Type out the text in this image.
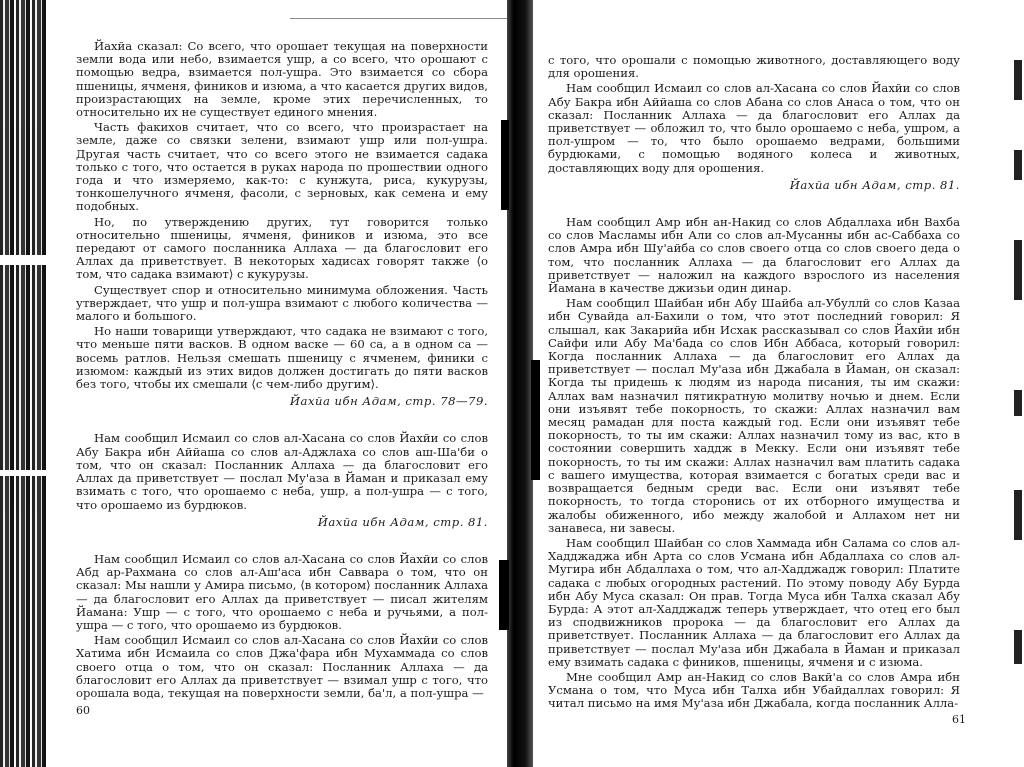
Йахйа сказал: Со всего, что орошает текущая на поверхности земли вода или небо, взимается ушр, а со всего, что орошают с помощью ведра, взимается пол-ушра. Это взимается со сбора пшеницы, ячменя, фиников и изюма, а что касается других видов, произрастающих на земле, кроме этих перечисленных, то относительно их не существует единого мнения.

Часть факихов считает, что со всего, что произрастает на земле, даже со связки зелени, взимают ушр или пол-ушра. Другая часть считает, что со всего этого не взимается садака только с того, что остается в руках народа по прошествии одного года и что измеряемо, как-то: с кунжута, риса, кукурузы, тонкошелучного ячменя, фасоли, с зерновых, как семена и ему подобных.

Но, по утверждению других, тут говорится только относительно пшеницы, ячменя, фиников и изюма, это все передают от самого посланника Аллаха — да благословит его Аллах да приветствует. В некоторых хадисах говорят также ⟨о том, что садака взимают⟩ с кукурузы.

Существует спор и относительно минимума обложения. Часть утверждает, что ушр и пол-ушра взимают с любого количества — малого и большого.

Но наши товарищи утверждают, что садака не взимают с того, что меньше пяти васков. В одном васке — 60 са, а в одном са — восемь ратлов. Нельзя смешать пшеницу с ячменем, финики с изюмом: каждый из этих видов должен достигать до пяти васков без того, чтобы их смешали ⟨с чем-либо другим⟩.

Йахйа ибн Адам, стр. 78—79.

Нам сообщил Исмаил со слов ал-Хасана со слов Йахйи со слов Абу Бакра ибн Аййаша со слов ал-Аджлаха со слов аш-Ша'би о том, что он сказал: Посланник Аллаха — да благословит его Аллах да приветствует — послал Му'аза в Йаман и приказал ему взимать с того, что орошаемо с неба, ушр, а пол-ушра — с того, что орошаемо из бурдюков.

Йахйа ибн Адам, стр. 81.

Нам сообщил Исмаил со слов ал-Хасана со слов Йахйи со слов Абд ар-Рахмана со слов ал-Аш'аса ибн Саввара о том, что он сказал: Мы нашли у Амира письмо, ⟨в котором⟩ посланник Аллаха — да благословит его Аллах да приветствует — писал жителям Йамана: Ушр — с того, что орошаемо с неба и ручьями, а пол-ушра — с того, что орошаемо из бурдюков.

Нам сообщил Исмаил со слов ал-Хасана со слов Йахйи со слов Хатима ибн Исмаила со слов Джа'фара ибн Мухаммада со слов своего отца о том, что он сказал: Посланник Аллаха — да благословит его Аллах да приветствует — взимал ушр с того, что орошала вода, текущая на поверхности земли, ба'л, а пол-ушра —

60

с того, что орошали с помощью животного, доставляющего воду для орошения.

Нам сообщил Исмаил со слов ал-Хасана со слов Йахйи со слов Абу Бакра ибн Аййаша со слов Абана со слов Анаса о том, что он сказал: Посланник Аллаха — да благословит его Аллах да приветствует — обложил то, что было орошаемо с неба, ушром, а пол-ушром — то, что было орошаемо ведрами, большими бурдюками, с помощью водяного колеса и животных, доставляющих воду для орошения.

Йахйа ибн Адам, стр. 81.

Нам сообщил Амр ибн ан-Накид со слов Абдаллаха ибн Вахба со слов Масламы ибн Али со слов ал-Мусанны ибн ас-Саббаха со слов Амра ибн Шу'айба со слов своего отца со слов своего деда о том, что посланник Аллаха — да благословит его Аллах да приветствует — наложил на каждого взрослого из населения Йамана в качестве джизьи один динар.

Нам сообщил Шайбан ибн Абу Шайба ал-Убуллй со слов Казаа ибн Сувайда ал-Бахили о том, что этот последний говорил: Я слышал, как Закарийа ибн Исхак рассказывал со слов Йахйи ибн Сайфи или Абу Ма'бада со слов Ибн Аббаса, который говорил: Когда посланник Аллаха — да благословит его Аллах да приветствует — послал Му'аза ибн Джабала в Йаман, он сказал: Когда ты придешь к людям из народа писания, ты им скажи: Аллах вам назначил пятикратную молитву ночью и днем. Если они изъявят тебе покорность, то скажи: Аллах назначил вам месяц рамадан для поста каждый год. Если они изъявят тебе покорность, то ты им скажи: Аллах назначил тому из вас, кто в состоянии совершить хаддж в Мекку. Если они изъявят тебе покорность, то ты им скажи: Аллах назначил вам платить садака с вашего имущества, которая взимается с богатых среди вас и возвращается бедным среди вас. Если они изъявят тебе покорность, то тогда сторонись от их отборного имущества и жалобы обиженного, ибо между жалобой и Аллахом нет ни занавеса, ни завесы.

Нам сообщил Шайбан со слов Хаммада ибн Салама со слов ал-Хадджаджа ибн Арта со слов Усмана ибн Абдаллаха со слов ал-Мугира ибн Абдаллаха о том, что ал-Хадджадж говорил: Платите садака с любых огородных растений. По этому поводу Абу Бурда ибн Абу Муса сказал: Он прав. Тогда Муса ибн Талха сказал Абу Бурда: А этот ал-Хадджадж теперь утверждает, что отец его был из сподвижников пророка — да благословит его Аллах да приветствует. Посланник Аллаха — да благословит его Аллах да приветствует — послал Му'аза ибн Джабала в Йаман и приказал ему взимать садака с фиников, пшеницы, ячменя и с изюма.

Мне сообщил Амр ан-Накид со слов Вакй'а со слов Амра ибн Усмана о том, что Муса ибн Талха ибн Убайдаллах говорил: Я читал письмо на имя Му'аза ибн Джабала, когда посланник Алла-

61
